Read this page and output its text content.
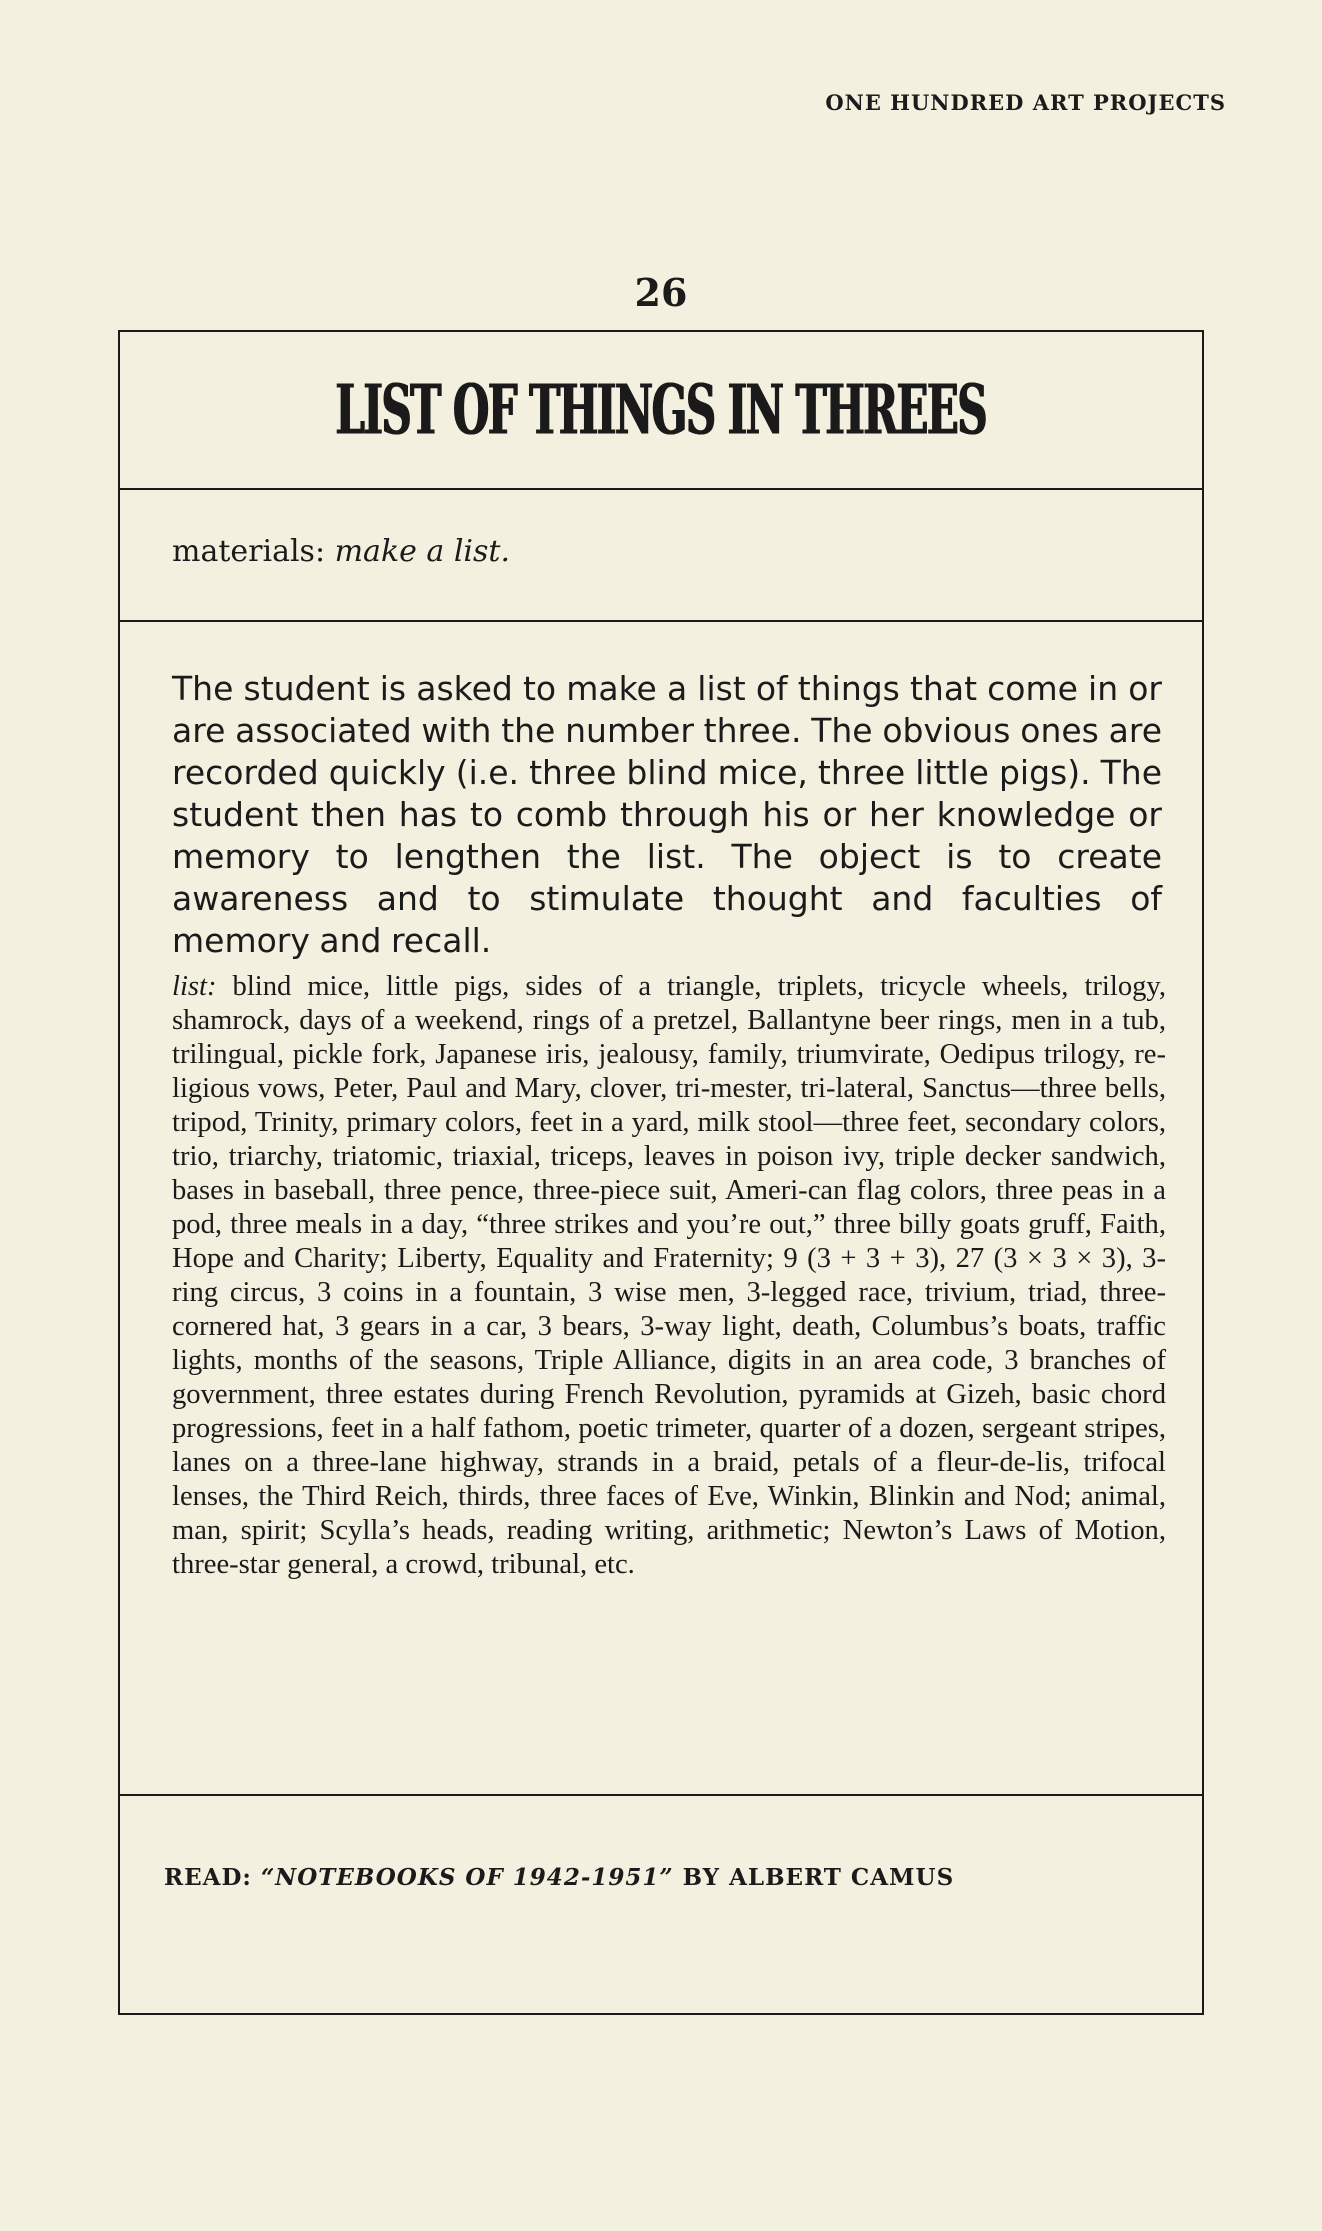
ONE HUNDRED ART PROJECTS
26
LIST OF THINGS IN THREES
materials: make a list.

The student is asked to make a list of things that come in or are associated with the number three. The obvious ones are recorded quickly (i.e. three blind mice, three little pigs). The student then has to comb through his or her knowledge or memory to lengthen the list. The object is to create awareness and to stimulate thought and faculties of memory and recall.

list: blind mice, little pigs, sides of a triangle, triplets, tricycle wheels, trilogy, shamrock, days of a weekend, rings of a pretzel, Ballantyne beer rings, men in a tub, trilingual, pickle fork, Japanese iris, jealousy, family, triumvirate, Oedipus trilogy, re-ligious vows, Peter, Paul and Mary, clover, tri-mester, tri-lateral, Sanctus—three bells, tripod, Trinity, primary colors, feet in a yard, milk stool—three feet, secondary colors, trio, triarchy, triatomic, triaxial, triceps, leaves in poison ivy, triple decker sandwich, bases in baseball, three pence, three-piece suit, Ameri-can flag colors, three peas in a pod, three meals in a day, “three strikes and you’re out,” three billy goats gruff, Faith, Hope and Charity; Liberty, Equality and Fraternity; 9 (3 + 3 + 3), 27 (3 × 3 × 3), 3-ring circus, 3 coins in a fountain, 3 wise men, 3-legged race, trivium, triad, three-cornered hat, 3 gears in a car, 3 bears, 3-way light, death, Columbus’s boats, traffic lights, months of the seasons, Triple Alliance, digits in an area code, 3 branches of government, three estates during French Revolution, pyramids at Gizeh, basic chord progressions, feet in a half fathom, poetic trimeter, quarter of a dozen, sergeant stripes, lanes on a three-lane highway, strands in a braid, petals of a fleur-de-lis, trifocal lenses, the Third Reich, thirds, three faces of Eve, Winkin, Blinkin and Nod; animal, man, spirit; Scylla’s heads, reading writing, arithmetic; Newton’s Laws of Motion, three-star general, a crowd, tribunal, etc.

READ: “NOTEBOOKS OF 1942-1951” BY ALBERT CAMUS
